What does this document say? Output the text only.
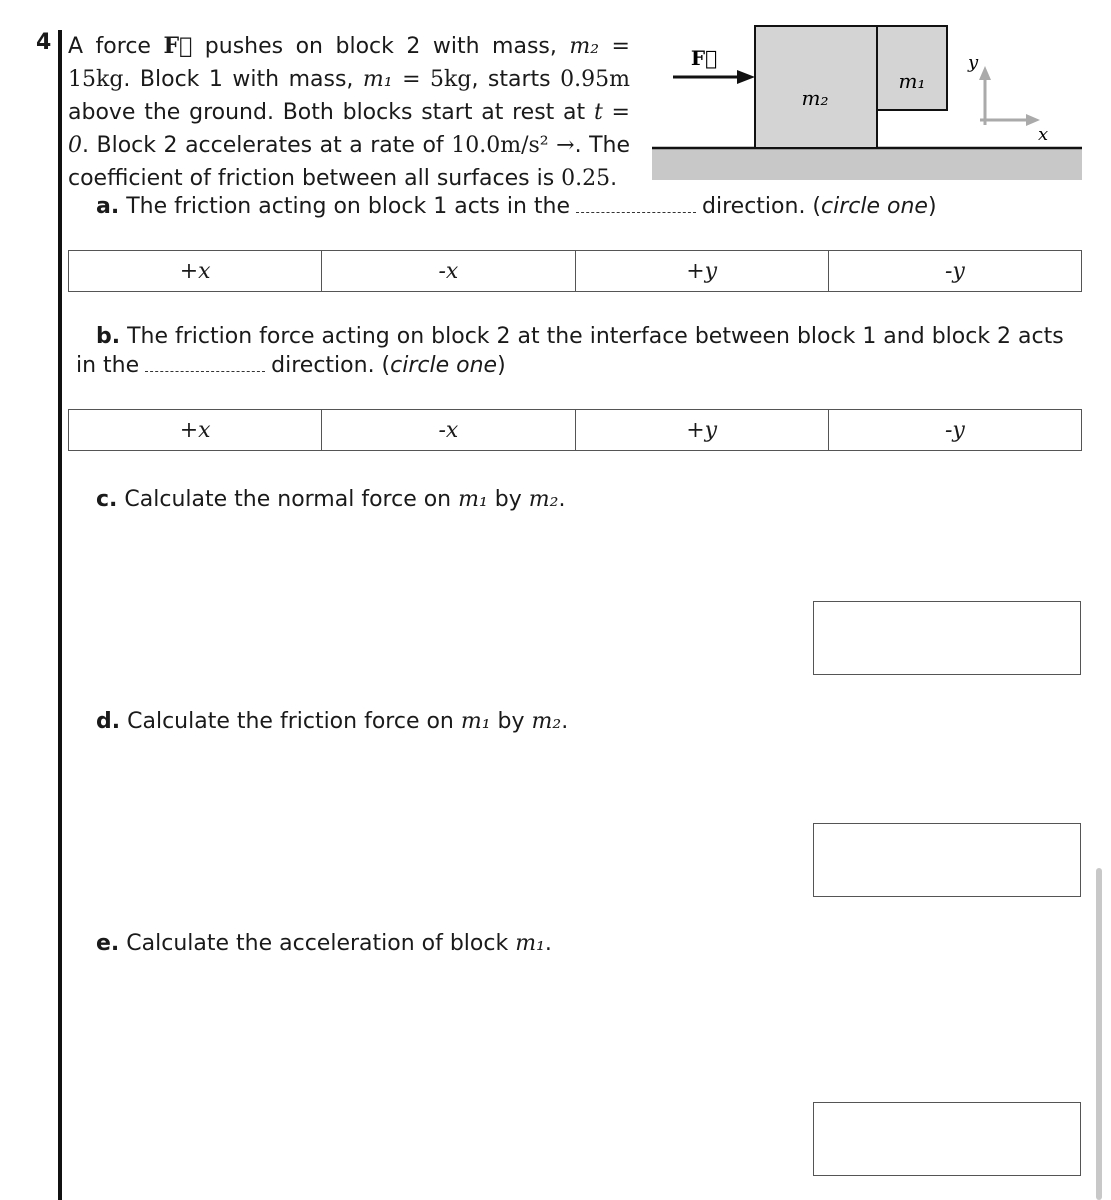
4 A force F⃗ pushes on block 2 with mass, m₂ = 15kg. Block 1 with mass, m₁ = 5kg, starts 0.95m above the ground. Both blocks start at rest at t = 0. Block 2 accelerates at a rate of 10.0m/s² →. The coefficient of friction between all surfaces is 0.25.
F⃗
m₂
m₁
y
x
a. The friction acting on block 1 acts in the	direction. (circle one)
+x	-x	+y	-y
b. The friction force acting on block 2 at the interface between block 1 and block 2 acts
in the	direction. (circle one)
+x	-x	+y	-y
c. Calculate the normal force on m₁ by m₂.
d. Calculate the friction force on m₁ by m₂.
e. Calculate the acceleration of block m₁.
